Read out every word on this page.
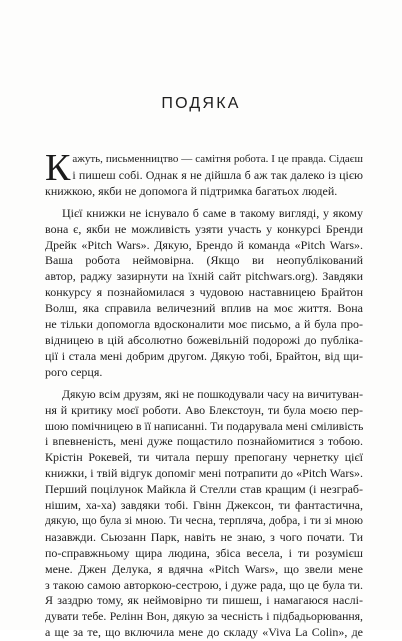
ПОДЯКА
К ажуть, письменництво — самітня робота. І це правда. Сідаєш
і пишеш собі. Однак я не дійшла б аж так далеко із цією
книжкою, якби не допомога й підтримка багатьох людей.
Цієї книжки не існувало б саме в такому вигляді, у якому
вона є, якби не можливість узяти участь у конкурсі Бренди
Дрейк «Pitch Wars». Дякую, Брендо й команда «Pitch Wars».
Ваша робота неймовірна. (Якщо ви неопублікований
автор, раджу зазирнути на їхній сайт pitchwars.org). Завдяки
конкурсу я познайомилася з чудовою наставницею Брайтон
Волш, яка справила величезний вплив на моє життя. Вона
не тільки допомогла вдосконалити моє письмо, а й була про-
відницею в цій абсолютно божевільній подорожі до публіка-
ції і стала мені добрим другом. Дякую тобі, Брайтон, від щи-
рого серця.
Дякую всім друзям, які не пошкодували часу на вичитуван-
ня й критику моєї роботи. Аво Блекстоун, ти була моєю пер-
шою помічницею в її написанні. Ти подарувала мені сміливість
і впевненість, мені дуже пощастило познайомитися з тобою.
Крістін Рокевей, ти читала першу препогану чернетку цієї
книжки, і твій відгук допоміг мені потрапити до «Pitch Wars».
Перший поцілунок Майкла й Стелли став кращим (і незграб-
нішим, ха-ха) завдяки тобі. Гвінн Джексон, ти фантастична,
дякую, що була зі мною. Ти чесна, терпляча, добра, і ти зі мною
назавжди. Сьюзанн Парк, навіть не знаю, з чого почати. Ти
по-справжньому щира людина, збіса весела, і ти розумієш
мене. Джен Делука, я вдячна «Pitch Wars», що звели мене
з такою самою авторкою-сестрою, і дуже рада, що це була ти.
Я заздрю тому, як неймовірно ти пишеш, і намагаюся наслі-
дувати тебе. Релінн Вон, дякую за чесність і підбадьорювання,
а ще за те, що включила мене до складу «Viva La Colin», де
